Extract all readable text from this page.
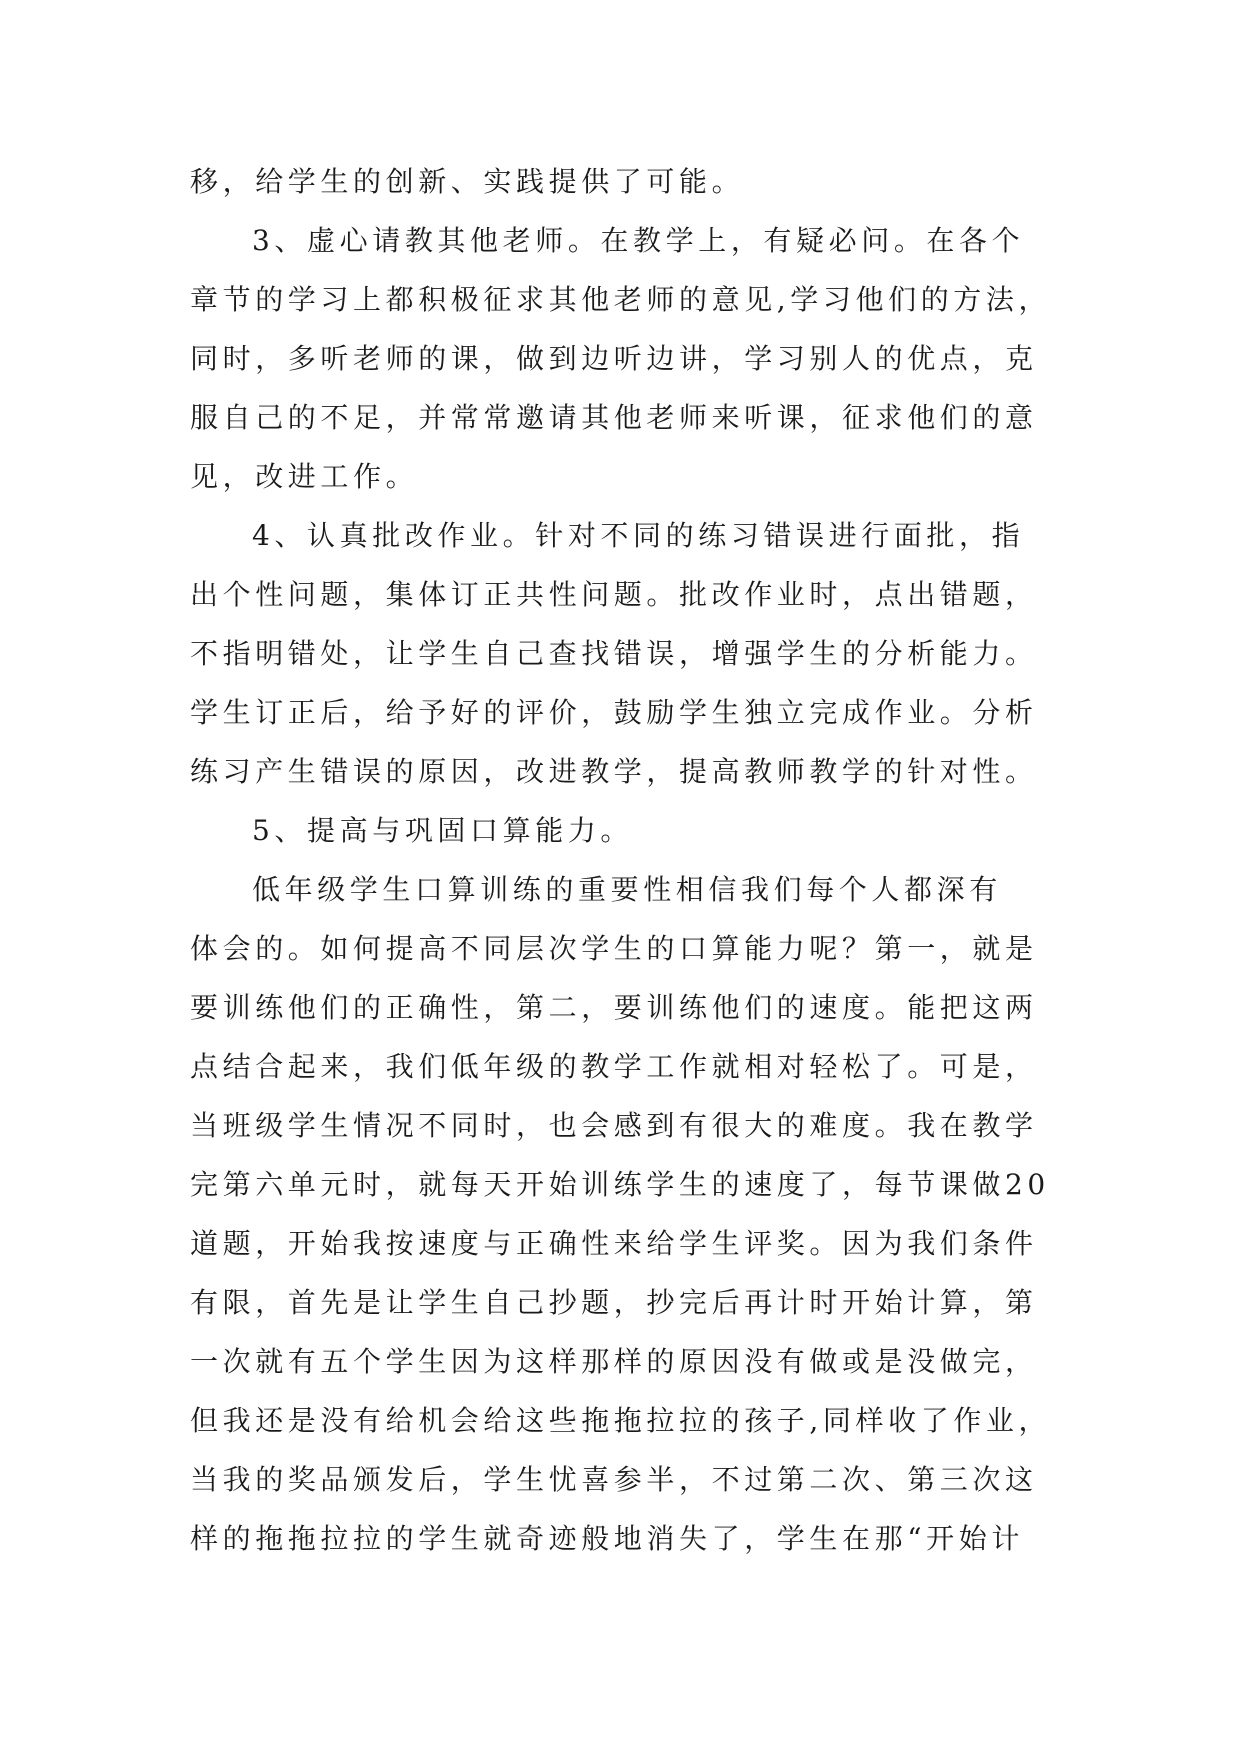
移，给学生的创新、实践提供了可能。
3、虚心请教其他老师。在教学上，有疑必问。在各个
章节的学习上都积极征求其他老师的意见,学习他们的方法，
同时，多听老师的课，做到边听边讲，学习别人的优点，克
服自己的不足，并常常邀请其他老师来听课，征求他们的意
见，改进工作。
4、认真批改作业。针对不同的练习错误进行面批，指
出个性问题，集体订正共性问题。批改作业时，点出错题，
不指明错处，让学生自己查找错误，增强学生的分析能力。
学生订正后，给予好的评价，鼓励学生独立完成作业。分析
练习产生错误的原因，改进教学，提高教师教学的针对性。
5、提高与巩固口算能力。
低年级学生口算训练的重要性相信我们每个人都深有
体会的。如何提高不同层次学生的口算能力呢？第一，就是
要训练他们的正确性，第二，要训练他们的速度。能把这两
点结合起来，我们低年级的教学工作就相对轻松了。可是，
当班级学生情况不同时，也会感到有很大的难度。我在教学
完第六单元时，就每天开始训练学生的速度了，每节课做20
道题，开始我按速度与正确性来给学生评奖。因为我们条件
有限，首先是让学生自己抄题，抄完后再计时开始计算，第
一次就有五个学生因为这样那样的原因没有做或是没做完，
但我还是没有给机会给这些拖拖拉拉的孩子,同样收了作业，
当我的奖品颁发后，学生忧喜参半，不过第二次、第三次这
样的拖拖拉拉的学生就奇迹般地消失了，学生在那“开始计
